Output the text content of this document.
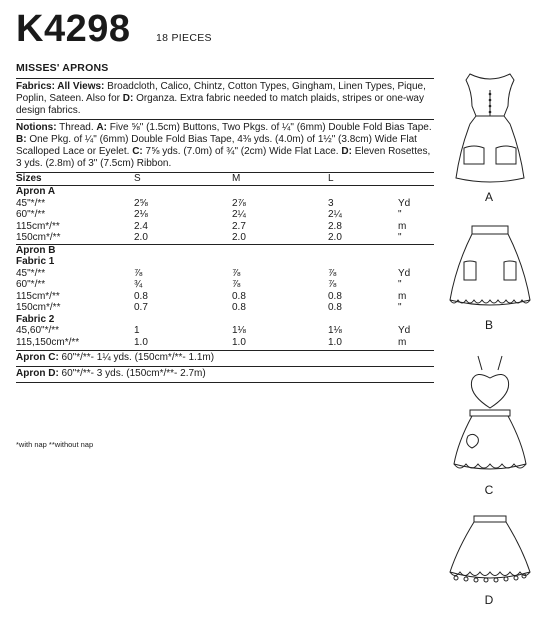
K4298 18 PIECES
MISSES' APRONS
Fabrics: All Views: Broadcloth, Calico, Chintz, Cotton Types, Gingham, Linen Types, Pique, Poplin, Sateen. Also for D: Organza. Extra fabric needed to match plaids, stripes or one-way design fabrics.
Notions: Thread. A: Five ⅝" (1.5cm) Buttons, Two Pkgs. of ¼" (6mm) Double Fold Bias Tape. B: One Pkg. of ¼" (6mm) Double Fold Bias Tape, 4⅜ yds. (4.0m) of 1½" (3.8cm) Wide Flat Scalloped Lace or Eyelet. C: 7⅝ yds. (7.0m) of ¾" (2cm) Wide Flat Lace. D: Eleven Rosettes, 3 yds. (2.8m) of 3" (7.5cm) Ribbon.
Sizes	S	M	L	
Apron A				
45"*/**	2⅝	2⅞	3	Yd
60"*/**	2⅛	2¼	2¼	"
115cm*/**	2.4	2.7	2.8	m
150cm*/**	2.0	2.0	2.0	"
Apron B				
Fabric 1				
45"*/**	⅞	⅞	⅞	Yd
60"*/**	¾	⅞	⅞	"
115cm*/**	0.8	0.8	0.8	m
150cm*/**	0.7	0.8	0.8	"
Fabric 2				
45,60"*/**	1	1⅛	1⅛	Yd
115,150cm*/**	1.0	1.0	1.0	m
Apron C: 60"*/**- 1¼ yds. (150cm*/**- 1.1m)
Apron D: 60"*/**- 3 yds. (150cm*/**- 2.7m)
*with nap **without nap
A
B
C
D
